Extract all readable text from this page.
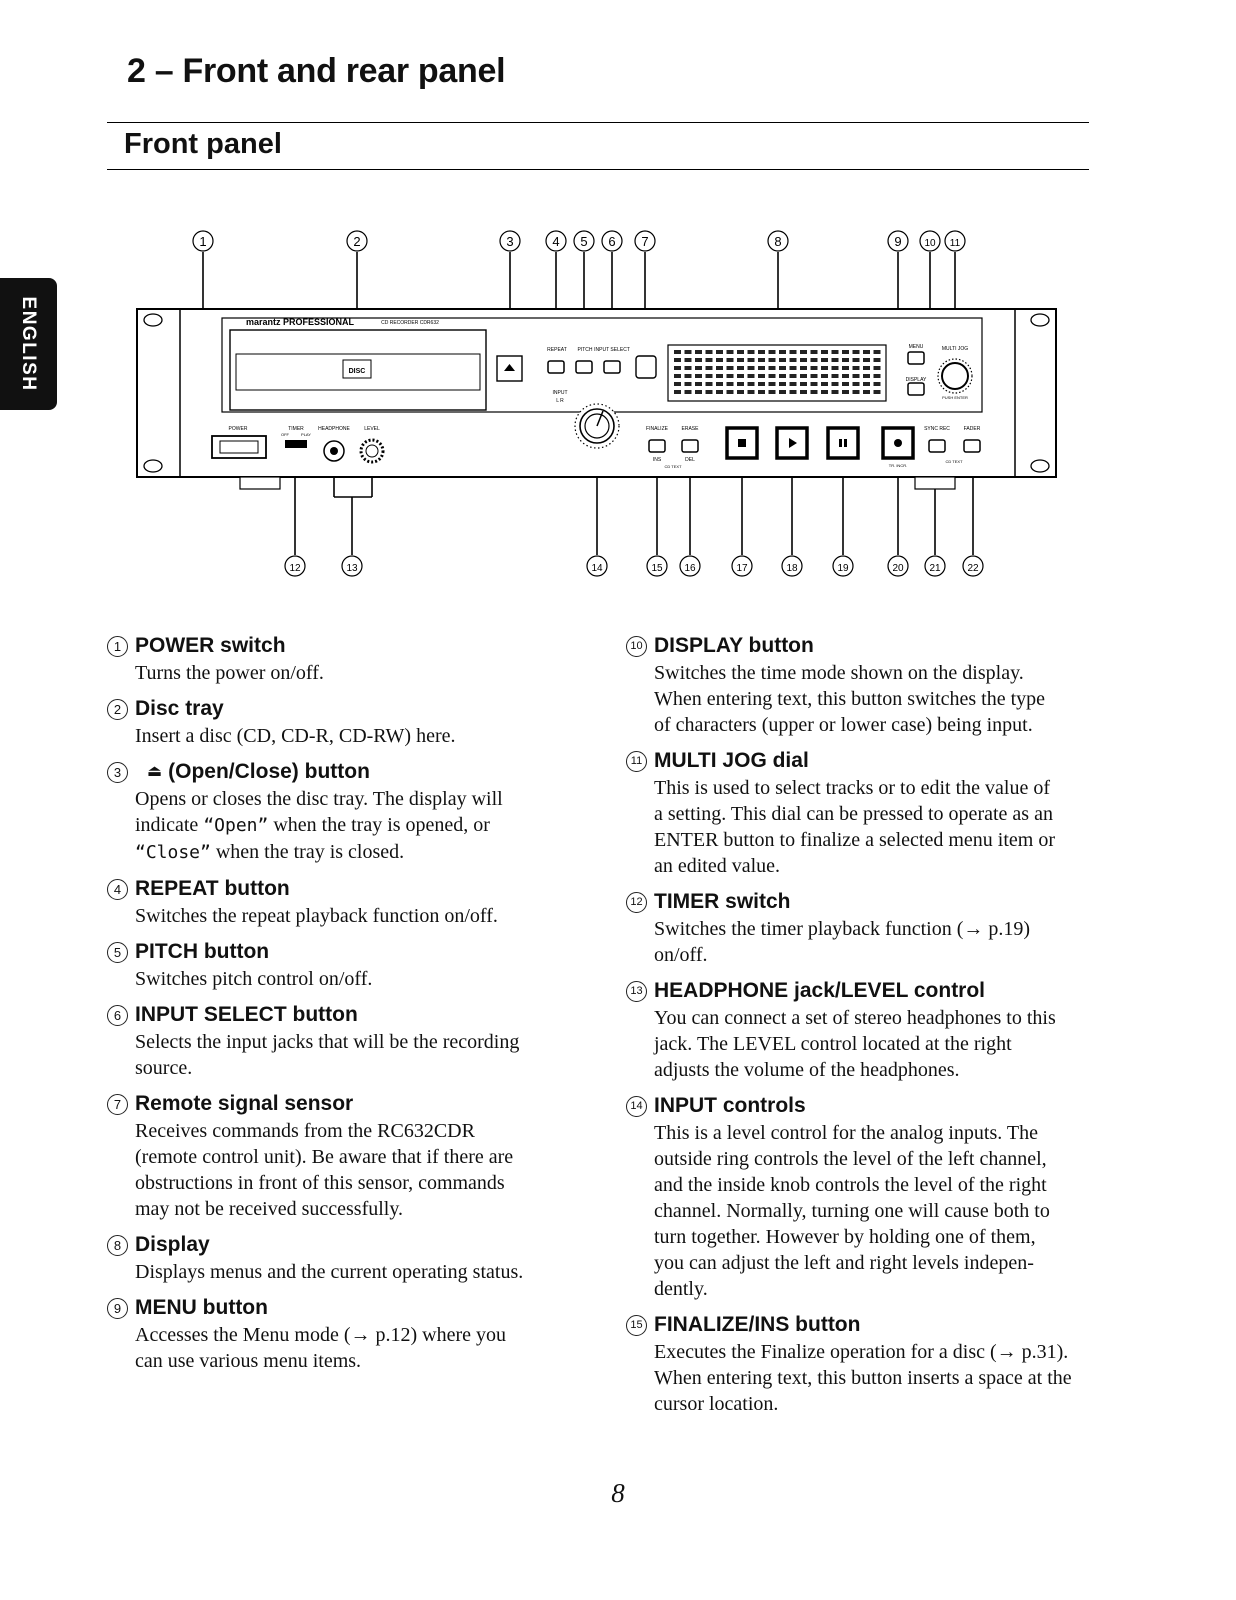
2 – Front and rear panel
Front panel
ENGLISH
1	2	3	4 5 6 7	8	9 10 11
12	13	14	15 16	17	18	19	20	21	22
marantz PROFESSIONAL	CD RECORDER CDR632
DISC
POWER	TIMER
OFF	PLAY
HEADPHONE	LEVEL
REPEAT PITCH INPUT SELECT
INPUT
L R
FINALIZE	ERASE
INS	DEL
CD TEXT	TR. INCR.
SYNC REC	FADER
CD TEXT
MENU
DISPLAY
MULTI JOG
PUSH ENTER
1 POWER switch
Turns the power on/off.
2 Disc tray
Insert a disc (CD, CD-R, CD-RW) here.
3	⏏ (Open/Close) button
Opens or closes the disc tray. The display will
indicate “Open” when the tray is opened, or
“Close” when the tray is closed.
4 REPEAT button
Switches the repeat playback function on/off.
5 PITCH button
Switches pitch control on/off.
6 INPUT SELECT button
Selects the input jacks that will be the recording
source.
7 Remote signal sensor
Receives commands from the RC632CDR
(remote control unit). Be aware that if there are
obstructions in front of this sensor, commands
may not be received successfully.
8 Display
Displays menus and the current operating status.
9 MENU button
Accesses the Menu mode (→ p.12) where you
can use various menu items.
10 DISPLAY button
Switches the time mode shown on the display.
When entering text, this button switches the type
of characters (upper or lower case) being input.
11 MULTI JOG dial
This is used to select tracks or to edit the value of
a setting. This dial can be pressed to operate as an
ENTER button to finalize a selected menu item or
an edited value.
12 TIMER switch
Switches the timer playback function (→ p.19)
on/off.
13 HEADPHONE jack/LEVEL control
You can connect a set of stereo headphones to this
jack. The LEVEL control located at the right
adjusts the volume of the headphones.
14 INPUT controls
This is a level control for the analog inputs. The
outside ring controls the level of the left channel,
and the inside knob controls the level of the right
channel. Normally, turning one will cause both to
turn together. However by holding one of them,
you can adjust the left and right levels indepen-
dently.
15 FINALIZE/INS button
Executes the Finalize operation for a disc (→ p.31).
When entering text, this button inserts a space at the
cursor location.
8
